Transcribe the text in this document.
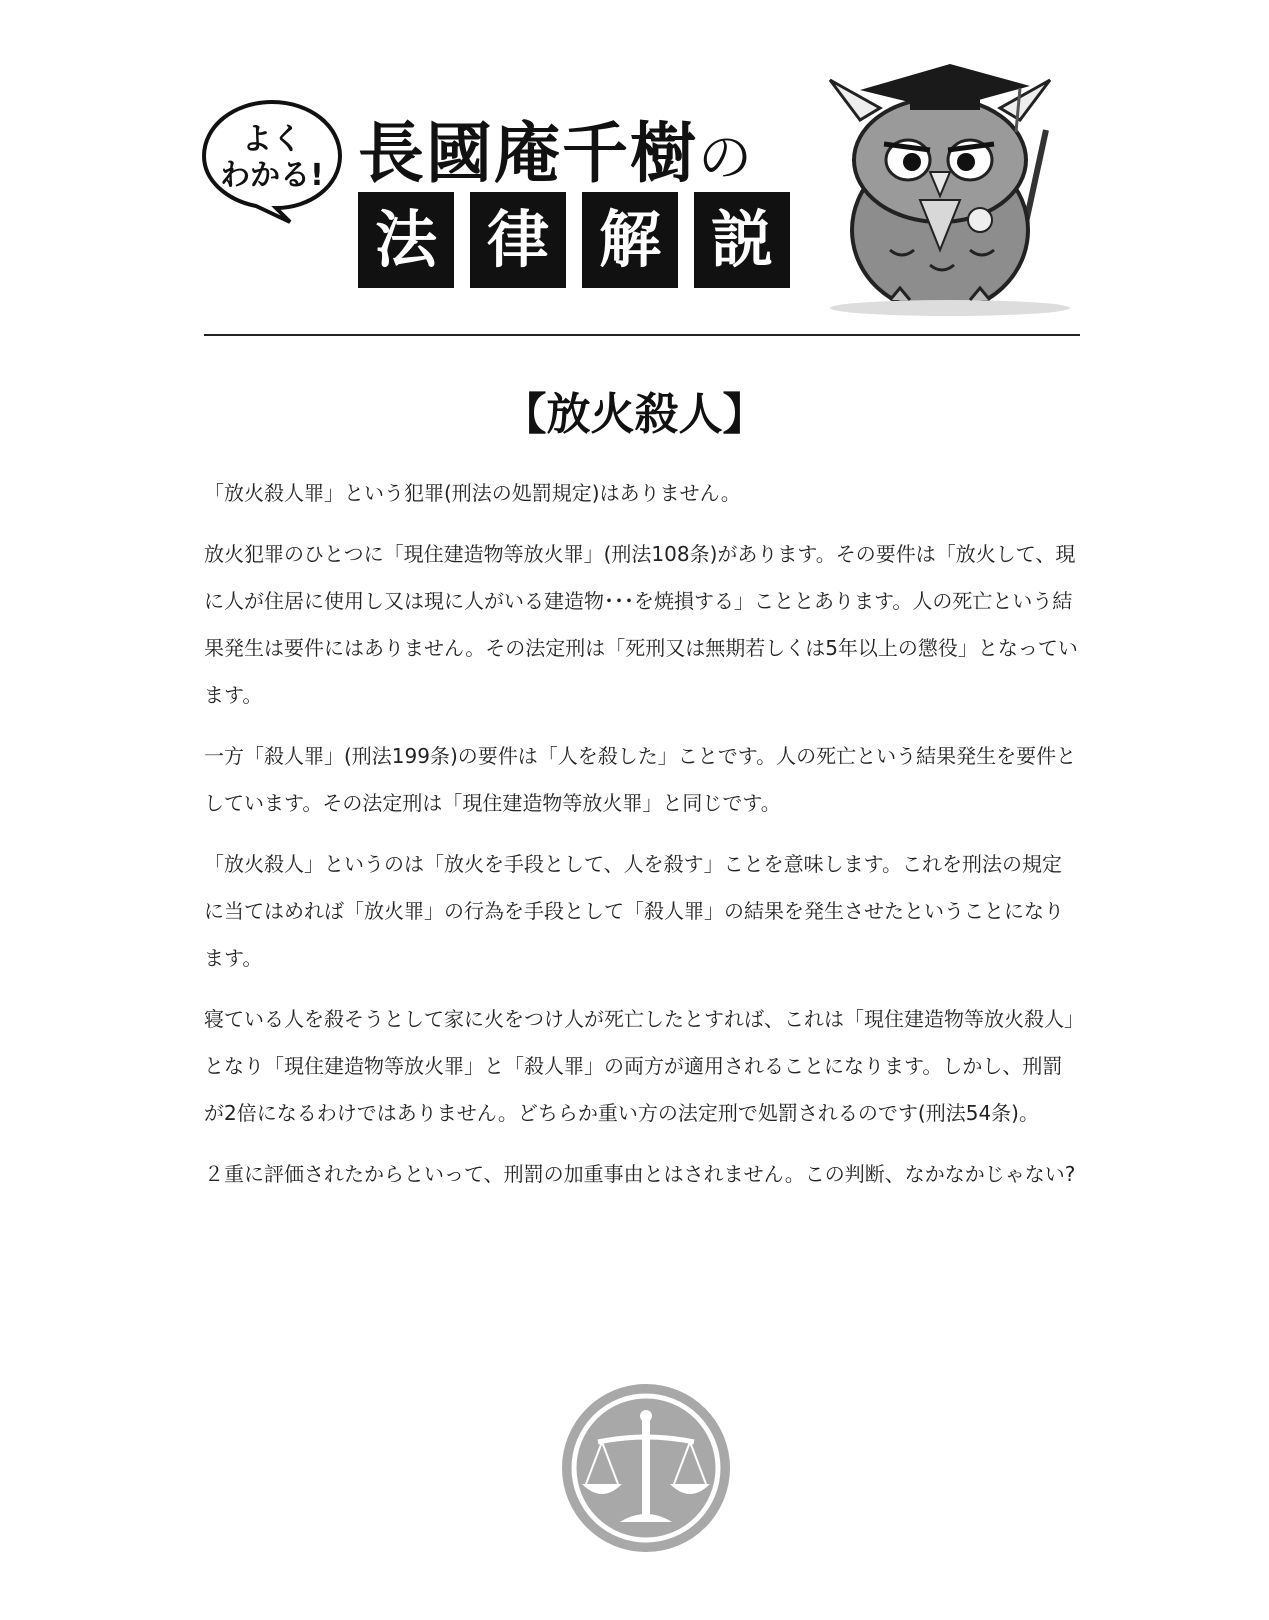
よく
わかる! 長國庵千樹の
法 律 解 説
【放火殺人】

「放火殺人罪」という犯罪(刑法の処罰規定)はありません。

放火犯罪のひとつに「現住建造物等放火罪」(刑法108条)があります。その要件は「放火して、現に人が住居に使用し又は現に人がいる建造物･･･を焼損する」こととあります。人の死亡という結果発生は要件にはありません。その法定刑は「死刑又は無期若しくは5年以上の懲役」となっています。

一方「殺人罪」(刑法199条)の要件は「人を殺した」ことです。人の死亡という結果発生を要件としています。その法定刑は「現住建造物等放火罪」と同じです。

「放火殺人」というのは「放火を手段として、人を殺す」ことを意味します。これを刑法の規定に当てはめれば「放火罪」の行為を手段として「殺人罪」の結果を発生させたということになります。

寝ている人を殺そうとして家に火をつけ人が死亡したとすれば、これは「現住建造物等放火殺人」となり「現住建造物等放火罪」と「殺人罪」の両方が適用されることになります。しかし、刑罰が2倍になるわけではありません。どちらか重い方の法定刑で処罰されるのです(刑法54条)。

２重に評価されたからといって、刑罰の加重事由とはされません。この判断、なかなかじゃない?
